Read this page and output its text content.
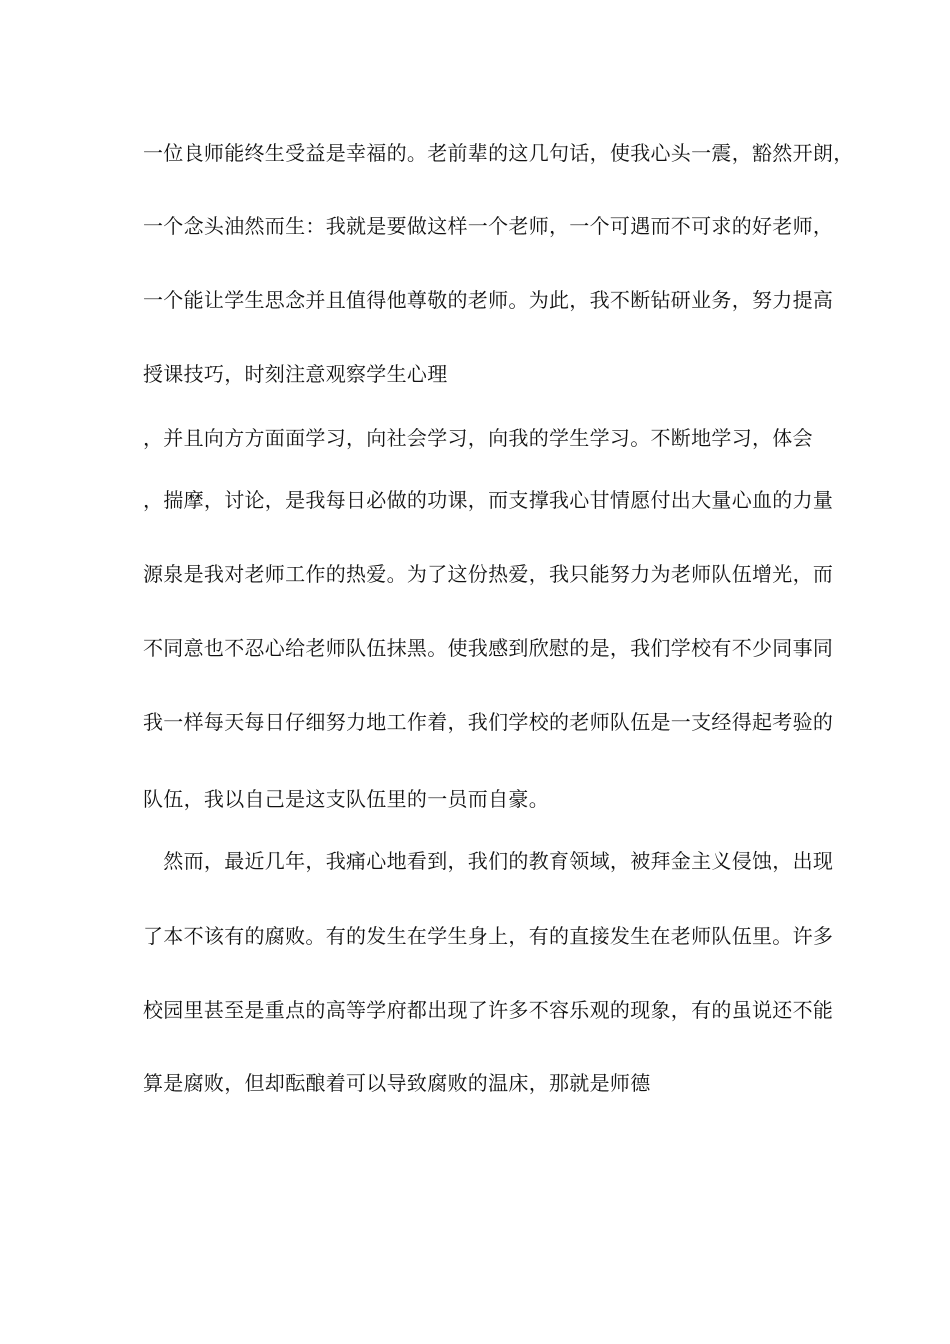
一位良师能终生受益是幸福的。老前辈的这几句话，使我心头一震，豁然开朗，
一个念头油然而生：我就是要做这样一个老师，一个可遇而不可求的好老师，
一个能让学生思念并且值得他尊敬的老师。为此，我不断钻研业务，努力提高
授课技巧，时刻注意观察学生心理
，并且向方方面面学习，向社会学习，向我的学生学习。不断地学习，体会
，揣摩，讨论，是我每日必做的功课，而支撑我心甘情愿付出大量心血的力量
源泉是我对老师工作的热爱。为了这份热爱，我只能努力为老师队伍增光，而
不同意也不忍心给老师队伍抹黑。使我感到欣慰的是，我们学校有不少同事同
我一样每天每日仔细努力地工作着，我们学校的老师队伍是一支经得起考验的
队伍，我以自己是这支队伍里的一员而自豪。
　然而，最近几年，我痛心地看到，我们的教育领域，被拜金主义侵蚀，出现
了本不该有的腐败。有的发生在学生身上，有的直接发生在老师队伍里。许多
校园里甚至是重点的高等学府都出现了许多不容乐观的现象，有的虽说还不能
算是腐败，但却酝酿着可以导致腐败的温床，那就是师德
